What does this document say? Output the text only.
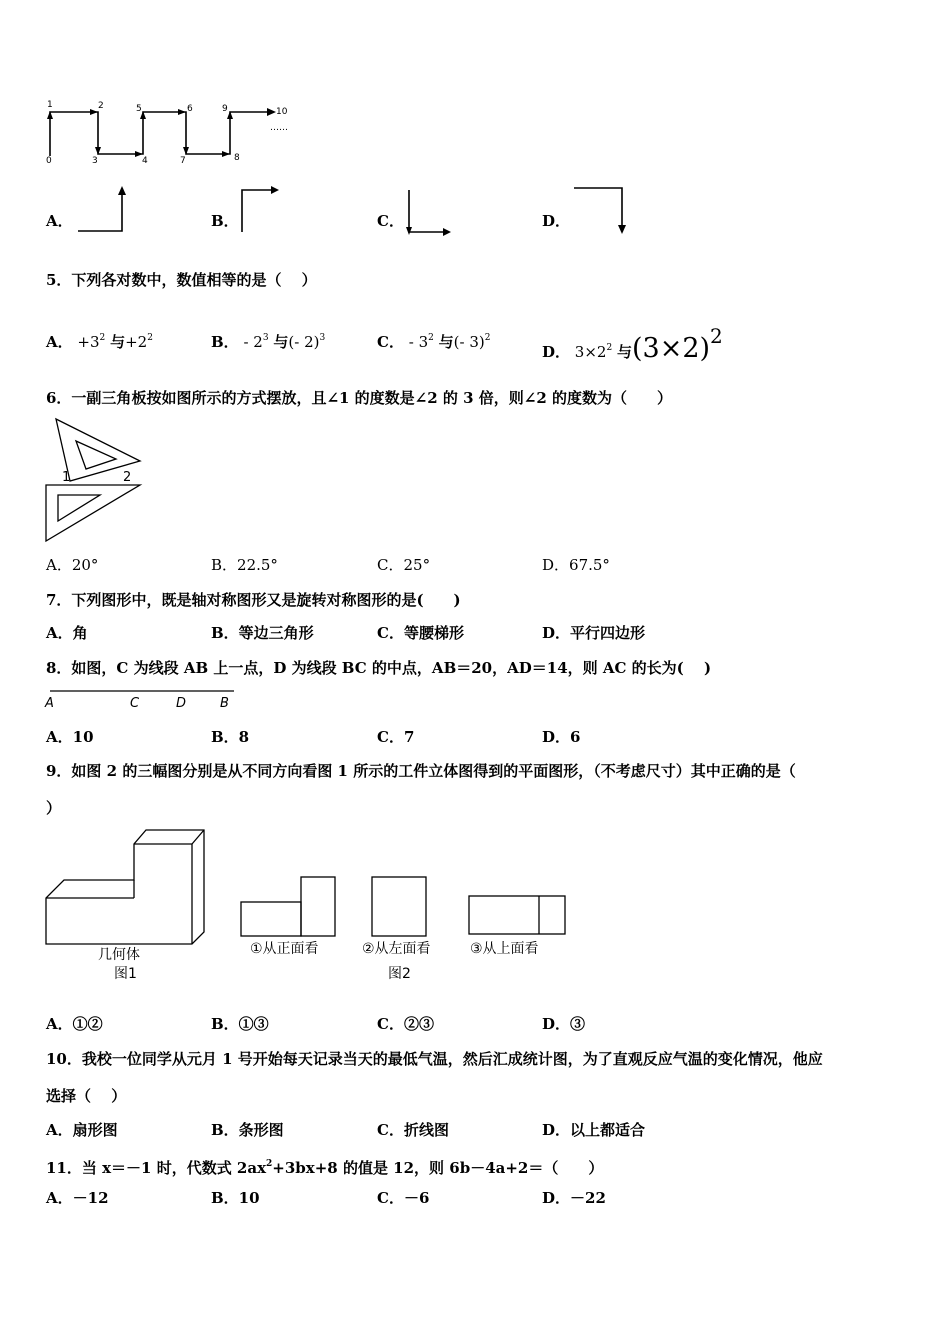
0
1	2
3	4
5	6
7	8
9	10
……
A．	B．	C．	D．
5．下列各对数中，数值相等的是（　 ）
A． $+3^2$ 与$+2^2$	B． - $2^3$ 与(- 2)$^3$	C． - $3^2$ 与(- 3)$^2$
D． $3\times 2^2$ 与$(3\times 2)^2$
6．一副三角板按如图所示的方式摆放，且∠1 的度数是∠2 的 3 倍，则∠2 的度数为（　　）
1	2
A．20°	B．22.5°	C．25°	D．67.5°
7．下列图形中，既是轴对称图形又是旋转对称图形的是(　　)
A．角	B．等边三角形	C．等腰梯形	D．平行四边形
8．如图，C 为线段 AB 上一点，D 为线段 BC 的中点，AB＝20，AD＝14，则 AC 的长为(　 )
A	C	D	B
A．10	B．8	C．7	D．6
9．如图 2 的三幅图分别是从不同方向看图 1 所示的工件立体图得到的平面图形，（不考虑尺寸）其中正确的是（
）
几何体
图1
①从正面看	②从左面看	③从上面看
图2
A．①②	B．①③	C．②③	D．③
10．我校一位同学从元月 1 号开始每天记录当天的最低气温，然后汇成统计图，为了直观反应气温的变化情况，他应
选择（　 ）
A．扇形图	B．条形图	C．折线图	D．以上都适合
11．当 x＝－1 时，代数式 $2ax^2+3bx+8$ 的值是 12，则 6b－4a+2＝（　　）
A．－12	B．10	C．－6	D．－22
